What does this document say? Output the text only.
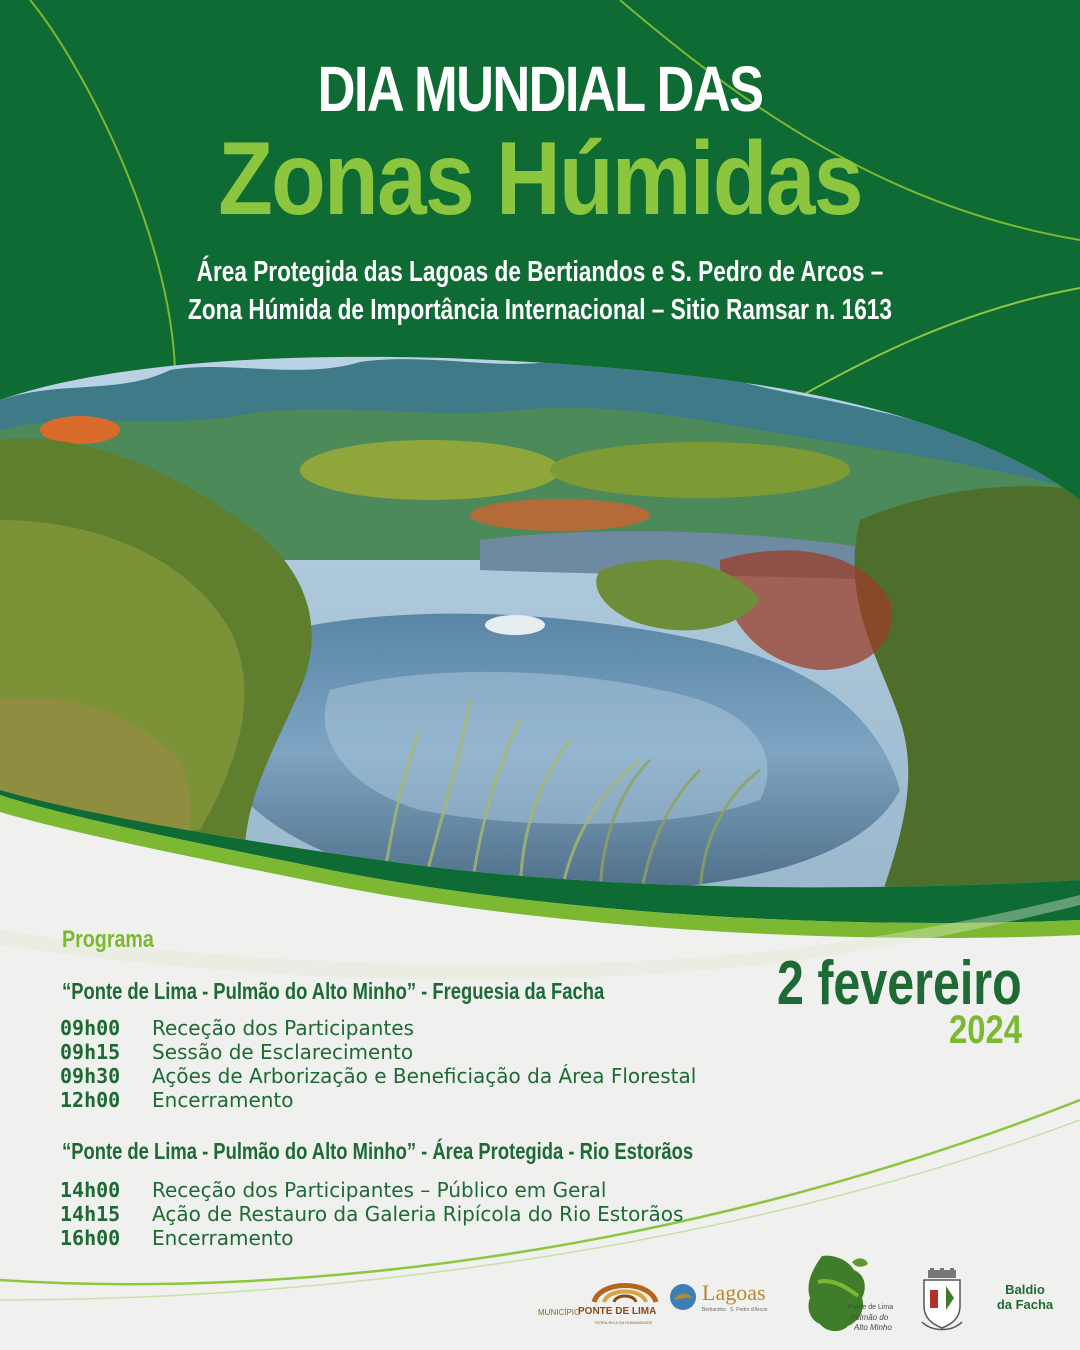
DIA MUNDIAL DAS
Zonas Húmidas
Área Protegida das Lagoas de Bertiandos e S. Pedro de Arcos –
Zona Húmida de Importância Internacional – Sitio Ramsar n. 1613
Programa
“Ponte de Lima - Pulmão do Alto Minho” - Freguesia da Facha
09h00	Receção dos Participantes
09h15	Sessão de Esclarecimento
09h30	Ações de Arborização e Beneficiação da Área Florestal
12h00	Encerramento
“Ponte de Lima - Pulmão do Alto Minho” - Área Protegida - Rio Estorãos
14h00	Receção dos Participantes – Público em Geral
14h15	Ação de Restauro da Galeria Ripícola do Rio Estorãos
16h00	Encerramento
2 fevereiro
2024
MUNICÍPIO
PONTE DE LIMA
TERRA RICA DA HUMANIDADE
Lagoas
Bertiandos S. Pedro d'Arcos	Ponte de Lima
Pulmão do
Alto Minho
Baldio
da Facha
